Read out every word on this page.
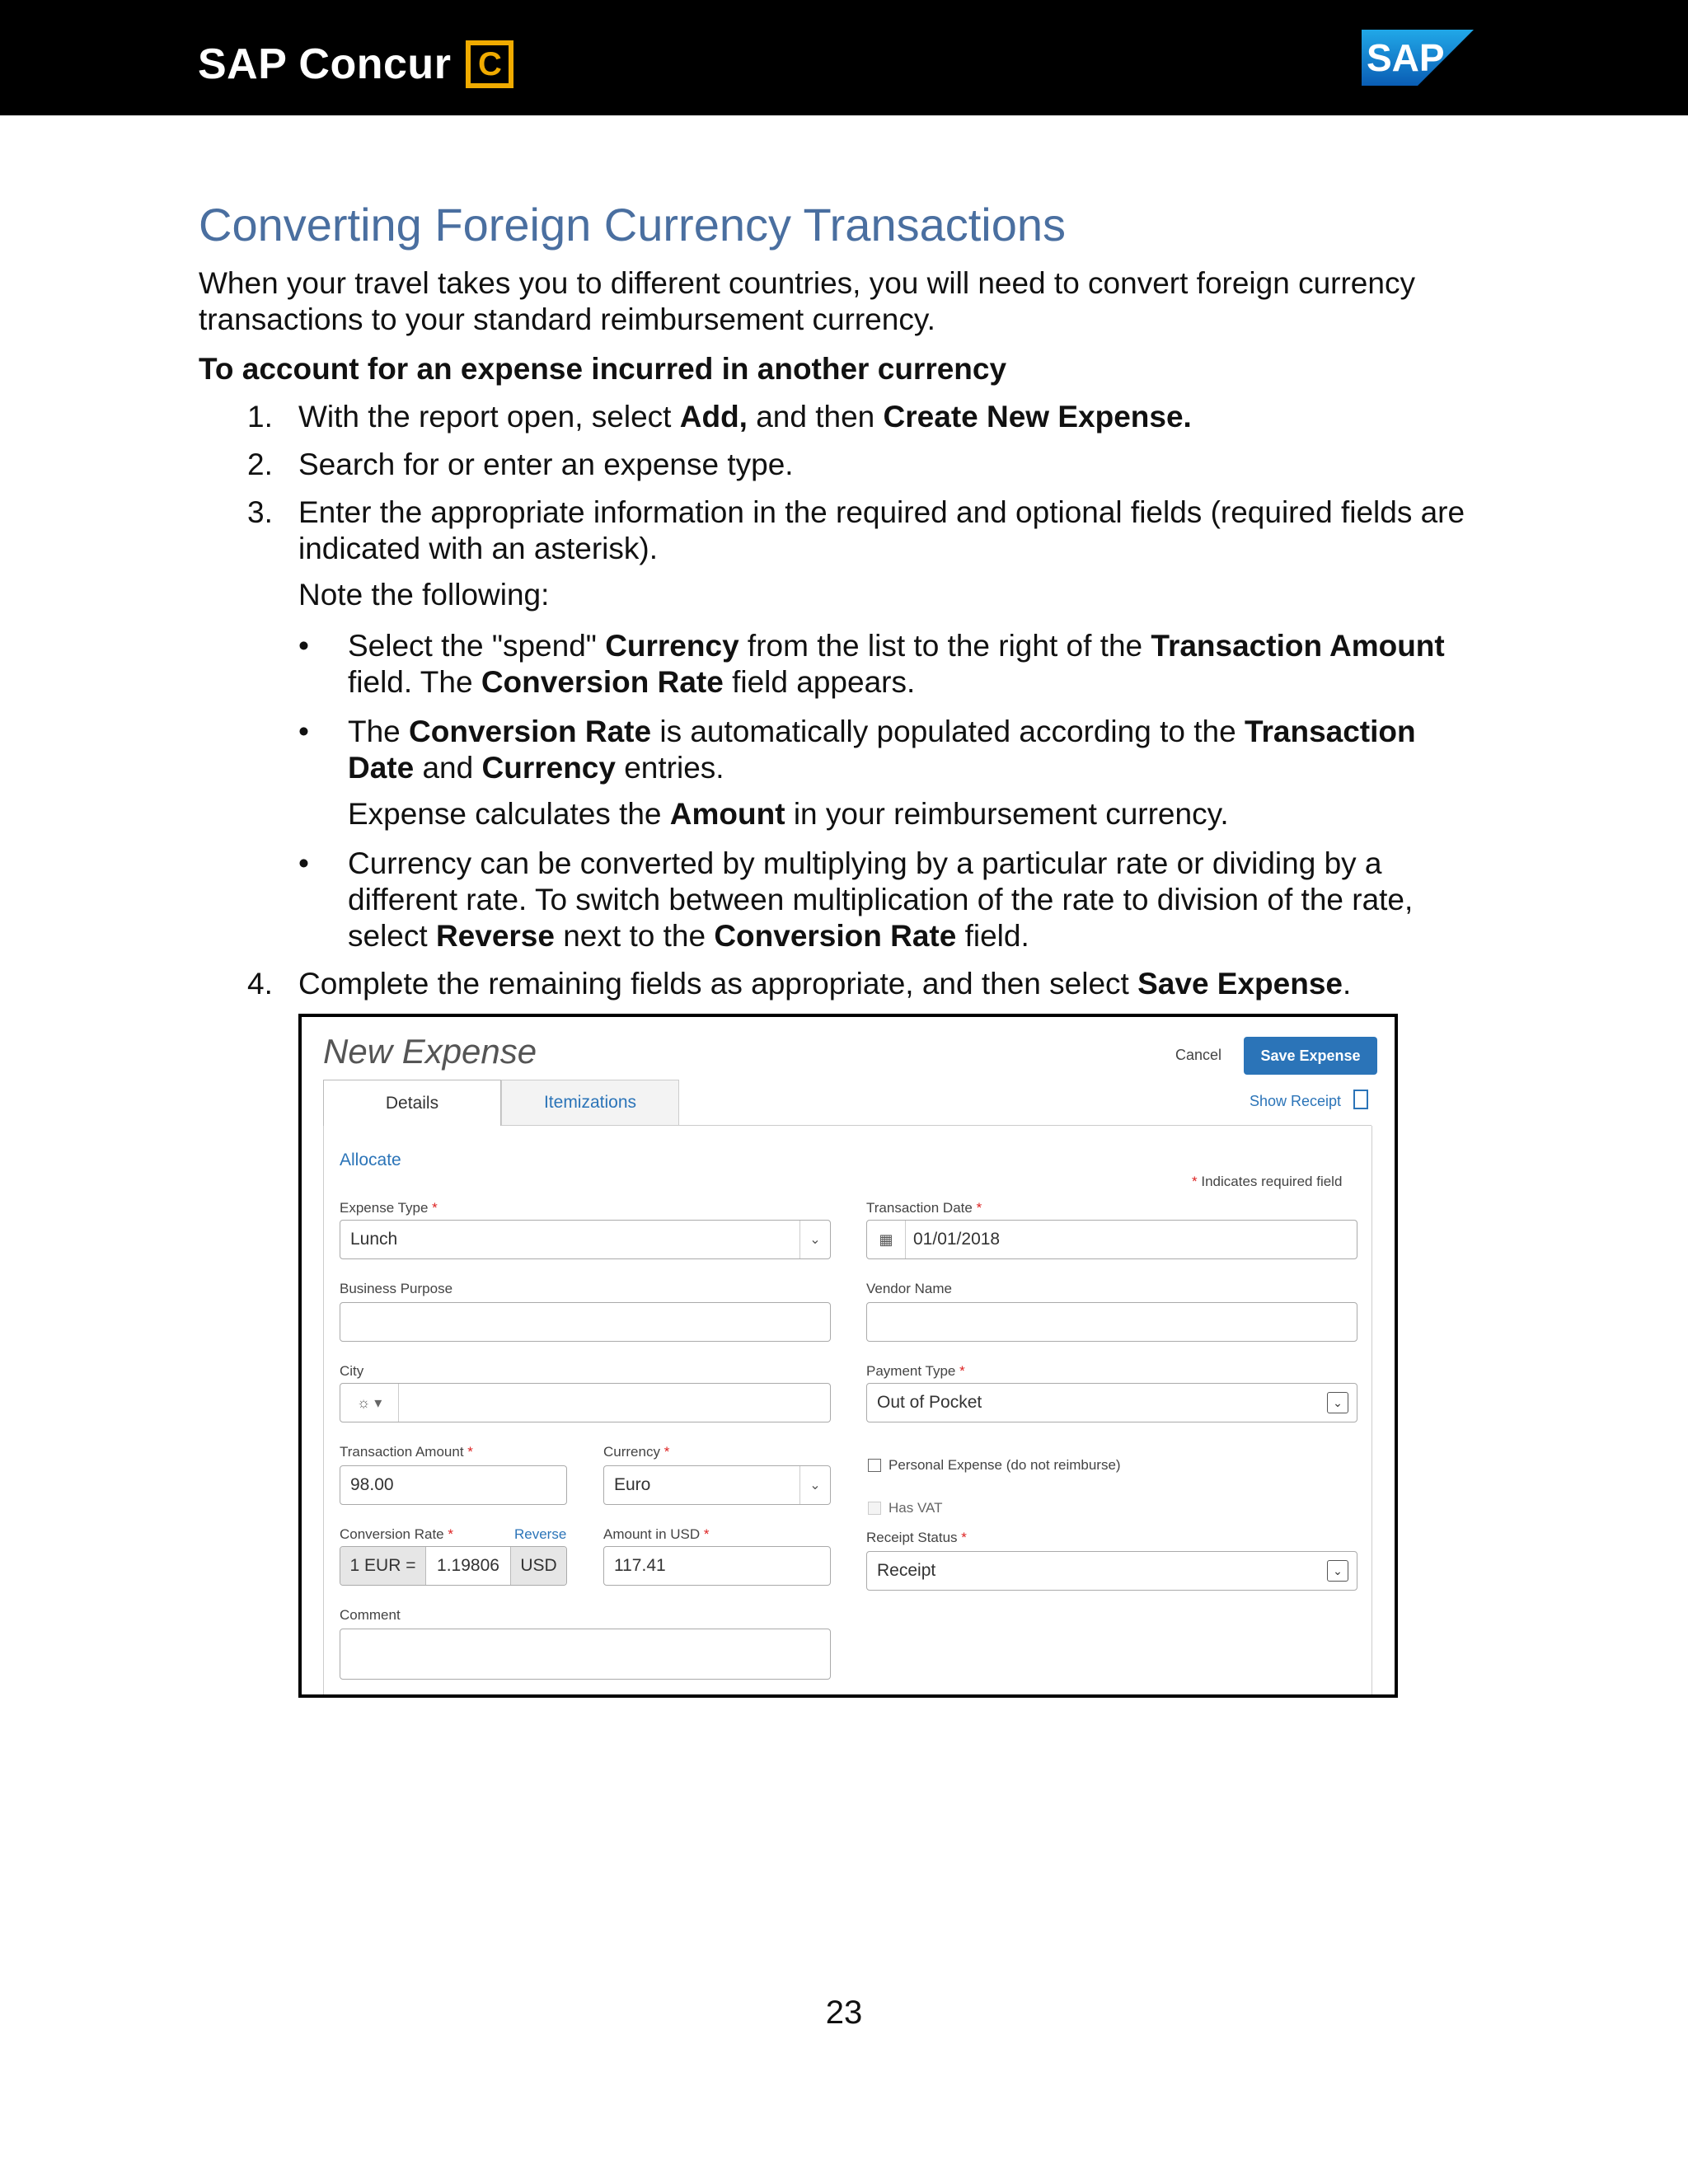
SAP Concur C	SAP
Converting Foreign Currency Transactions

When your travel takes you to different countries, you will need to convert foreign currency transactions to your standard reimbursement currency.

To account for an expense incurred in another currency

1. With the report open, select Add, and then Create New Expense.

2. Search for or enter an expense type.

3. Enter the appropriate information in the required and optional fields (required fields are indicated with an asterisk).

Note the following:

• Select the "spend" Currency from the list to the right of the Transaction Amount field. The Conversion Rate field appears.

• The Conversion Rate is automatically populated according to the Transaction Date and Currency entries.

Expense calculates the Amount in your reimbursement currency.

• Currency can be converted by multiplying by a particular rate or dividing by a different rate. To switch between multiplication of the rate to division of the rate, select Reverse next to the Conversion Rate field.

4. Complete the remaining fields as appropriate, and then select Save Expense.

New Expense	Cancel	Save Expense
Details	Itemizations	Show Receipt
Allocate
* Indicates required field
Expense Type *
Lunch	⌄
Transaction Date *
▦	01/01/2018
Business Purpose	Vendor Name
City
☼ ▾
Payment Type *
Out of Pocket	⌄
Transaction Amount *
98.00
Currency *
Euro	⌄
Personal Expense (do not reimburse)
Has VAT
Conversion Rate *	Reverse
1 EUR =	1.19806	USD
Amount in USD *
117.41
Receipt Status *
Receipt	⌄
Comment
23
